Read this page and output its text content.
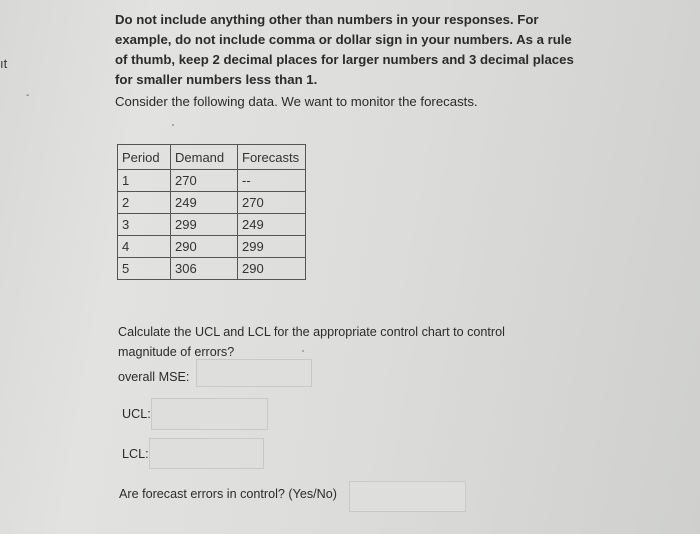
ıt
-

Do not include anything other than numbers in your responses. For

example, do not include comma or dollar sign in your numbers. As a rule

of thumb, keep 2 decimal places for larger numbers and 3 decimal places

for smaller numbers less than 1.

Consider the following data. We want to monitor the forecasts.
Period	Demand	Forecasts
1	270	--
2	249	270
3	299	249
4	290	299
5	306	290
Calculate the UCL and LCL for the appropriate control chart to control
magnitude of errors?
overall MSE:
UCL:
LCL:
Are forecast errors in control? (Yes/No)
